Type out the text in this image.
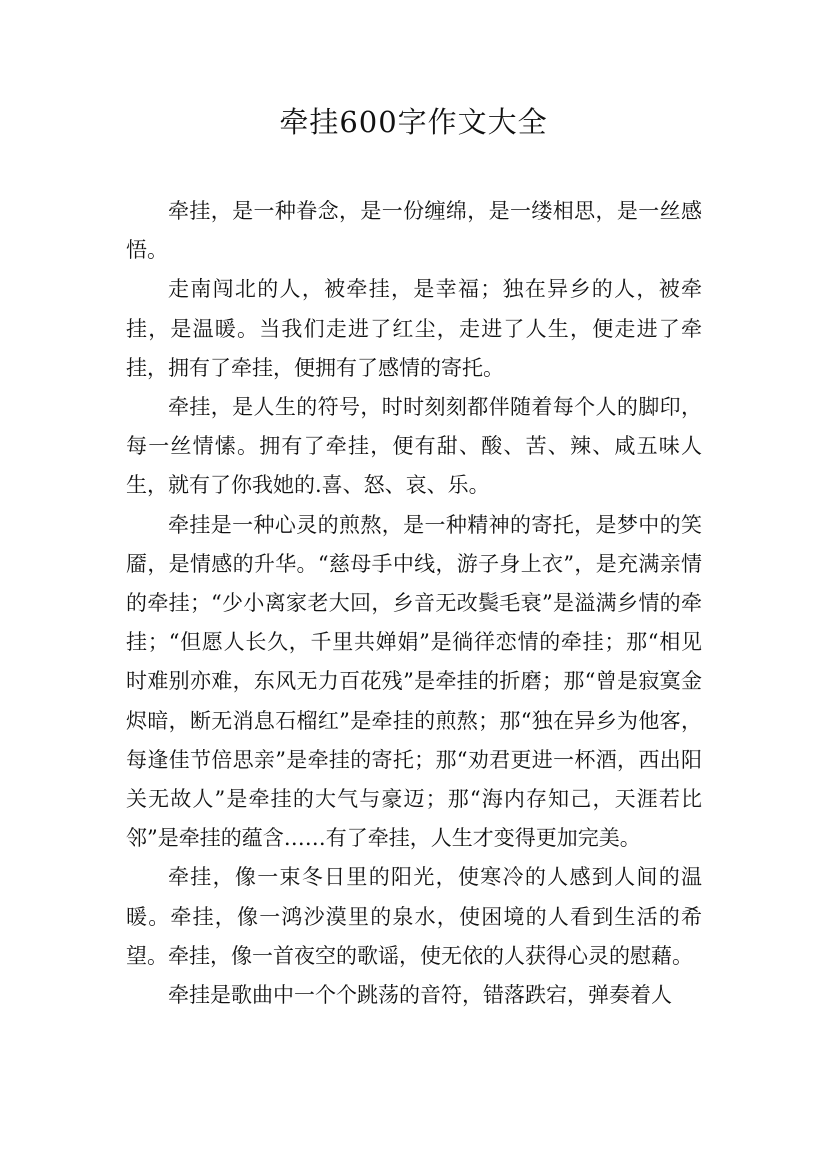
牵挂600字作文大全

牵挂，是一种眷念，是一份缠绵，是一缕相思，是一丝感悟。

走南闯北的人，被牵挂，是幸福；独在异乡的人，被牵挂，是温暖。当我们走进了红尘，走进了人生，便走进了牵挂，拥有了牵挂，便拥有了感情的寄托。

牵挂，是人生的符号，时时刻刻都伴随着每个人的脚印，每一丝情愫。拥有了牵挂，便有甜、酸、苦、辣、咸五味人生，就有了你我她的.喜、怒、哀、乐。

牵挂是一种心灵的煎熬，是一种精神的寄托，是梦中的笑靥，是情感的升华。“慈母手中线，游子身上衣”，是充满亲情的牵挂；“少小离家老大回，乡音无改鬓毛衰”是溢满乡情的牵挂；“但愿人长久，千里共婵娟”是徜徉恋情的牵挂；那“相见时难别亦难，东风无力百花残”是牵挂的折磨；那“曾是寂寞金烬暗，断无消息石榴红”是牵挂的煎熬；那“独在异乡为他客，每逢佳节倍思亲”是牵挂的寄托；那“劝君更进一杯酒，西出阳关无故人”是牵挂的大气与豪迈；那“海内存知己，天涯若比邻”是牵挂的蕴含……有了牵挂，人生才变得更加完美。

牵挂，像一束冬日里的阳光，使寒冷的人感到人间的温暖。牵挂，像一鸿沙漠里的泉水，使困境的人看到生活的希望。牵挂，像一首夜空的歌谣，使无依的人获得心灵的慰藉。

牵挂是歌曲中一个个跳荡的音符，错落跌宕，弹奏着人
